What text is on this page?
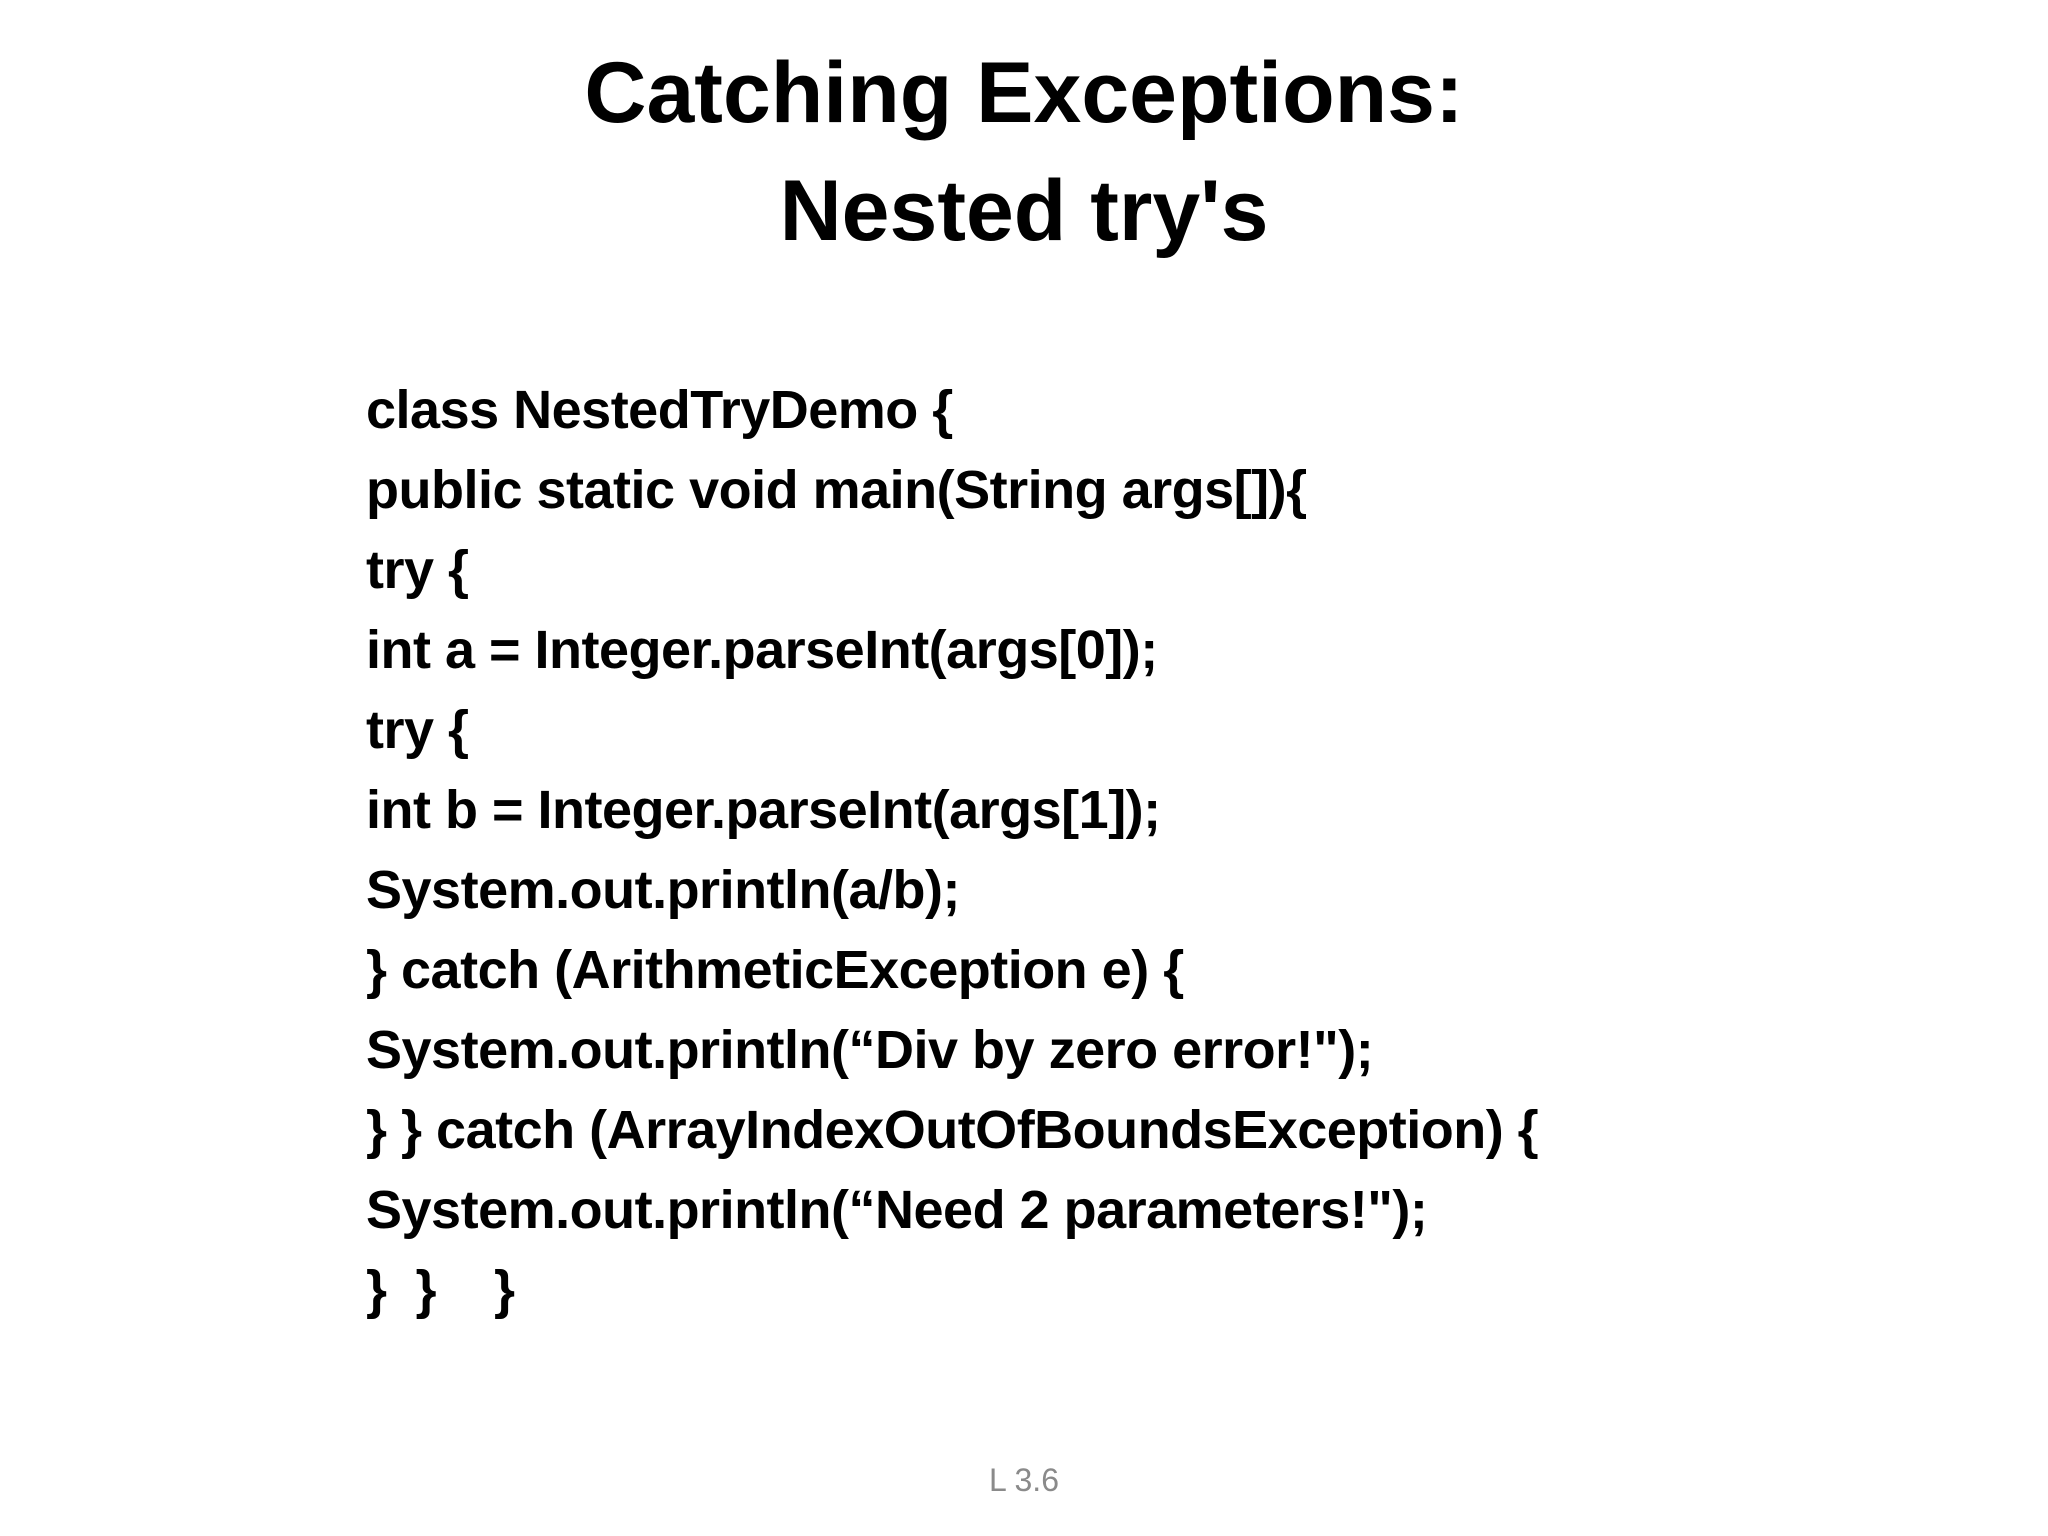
Catching Exceptions:
Nested try's
class NestedTryDemo {
public static void main(String args[]){
try {
int a = Integer.parseInt(args[0]);
try {
int b = Integer.parseInt(args[1]);
System.out.println(a/b);
} catch (ArithmeticException e) {
System.out.println(“Div by zero error!");
} } catch (ArrayIndexOutOfBoundsException) {
System.out.println(“Need 2 parameters!");
}  }    }
L 3.6
